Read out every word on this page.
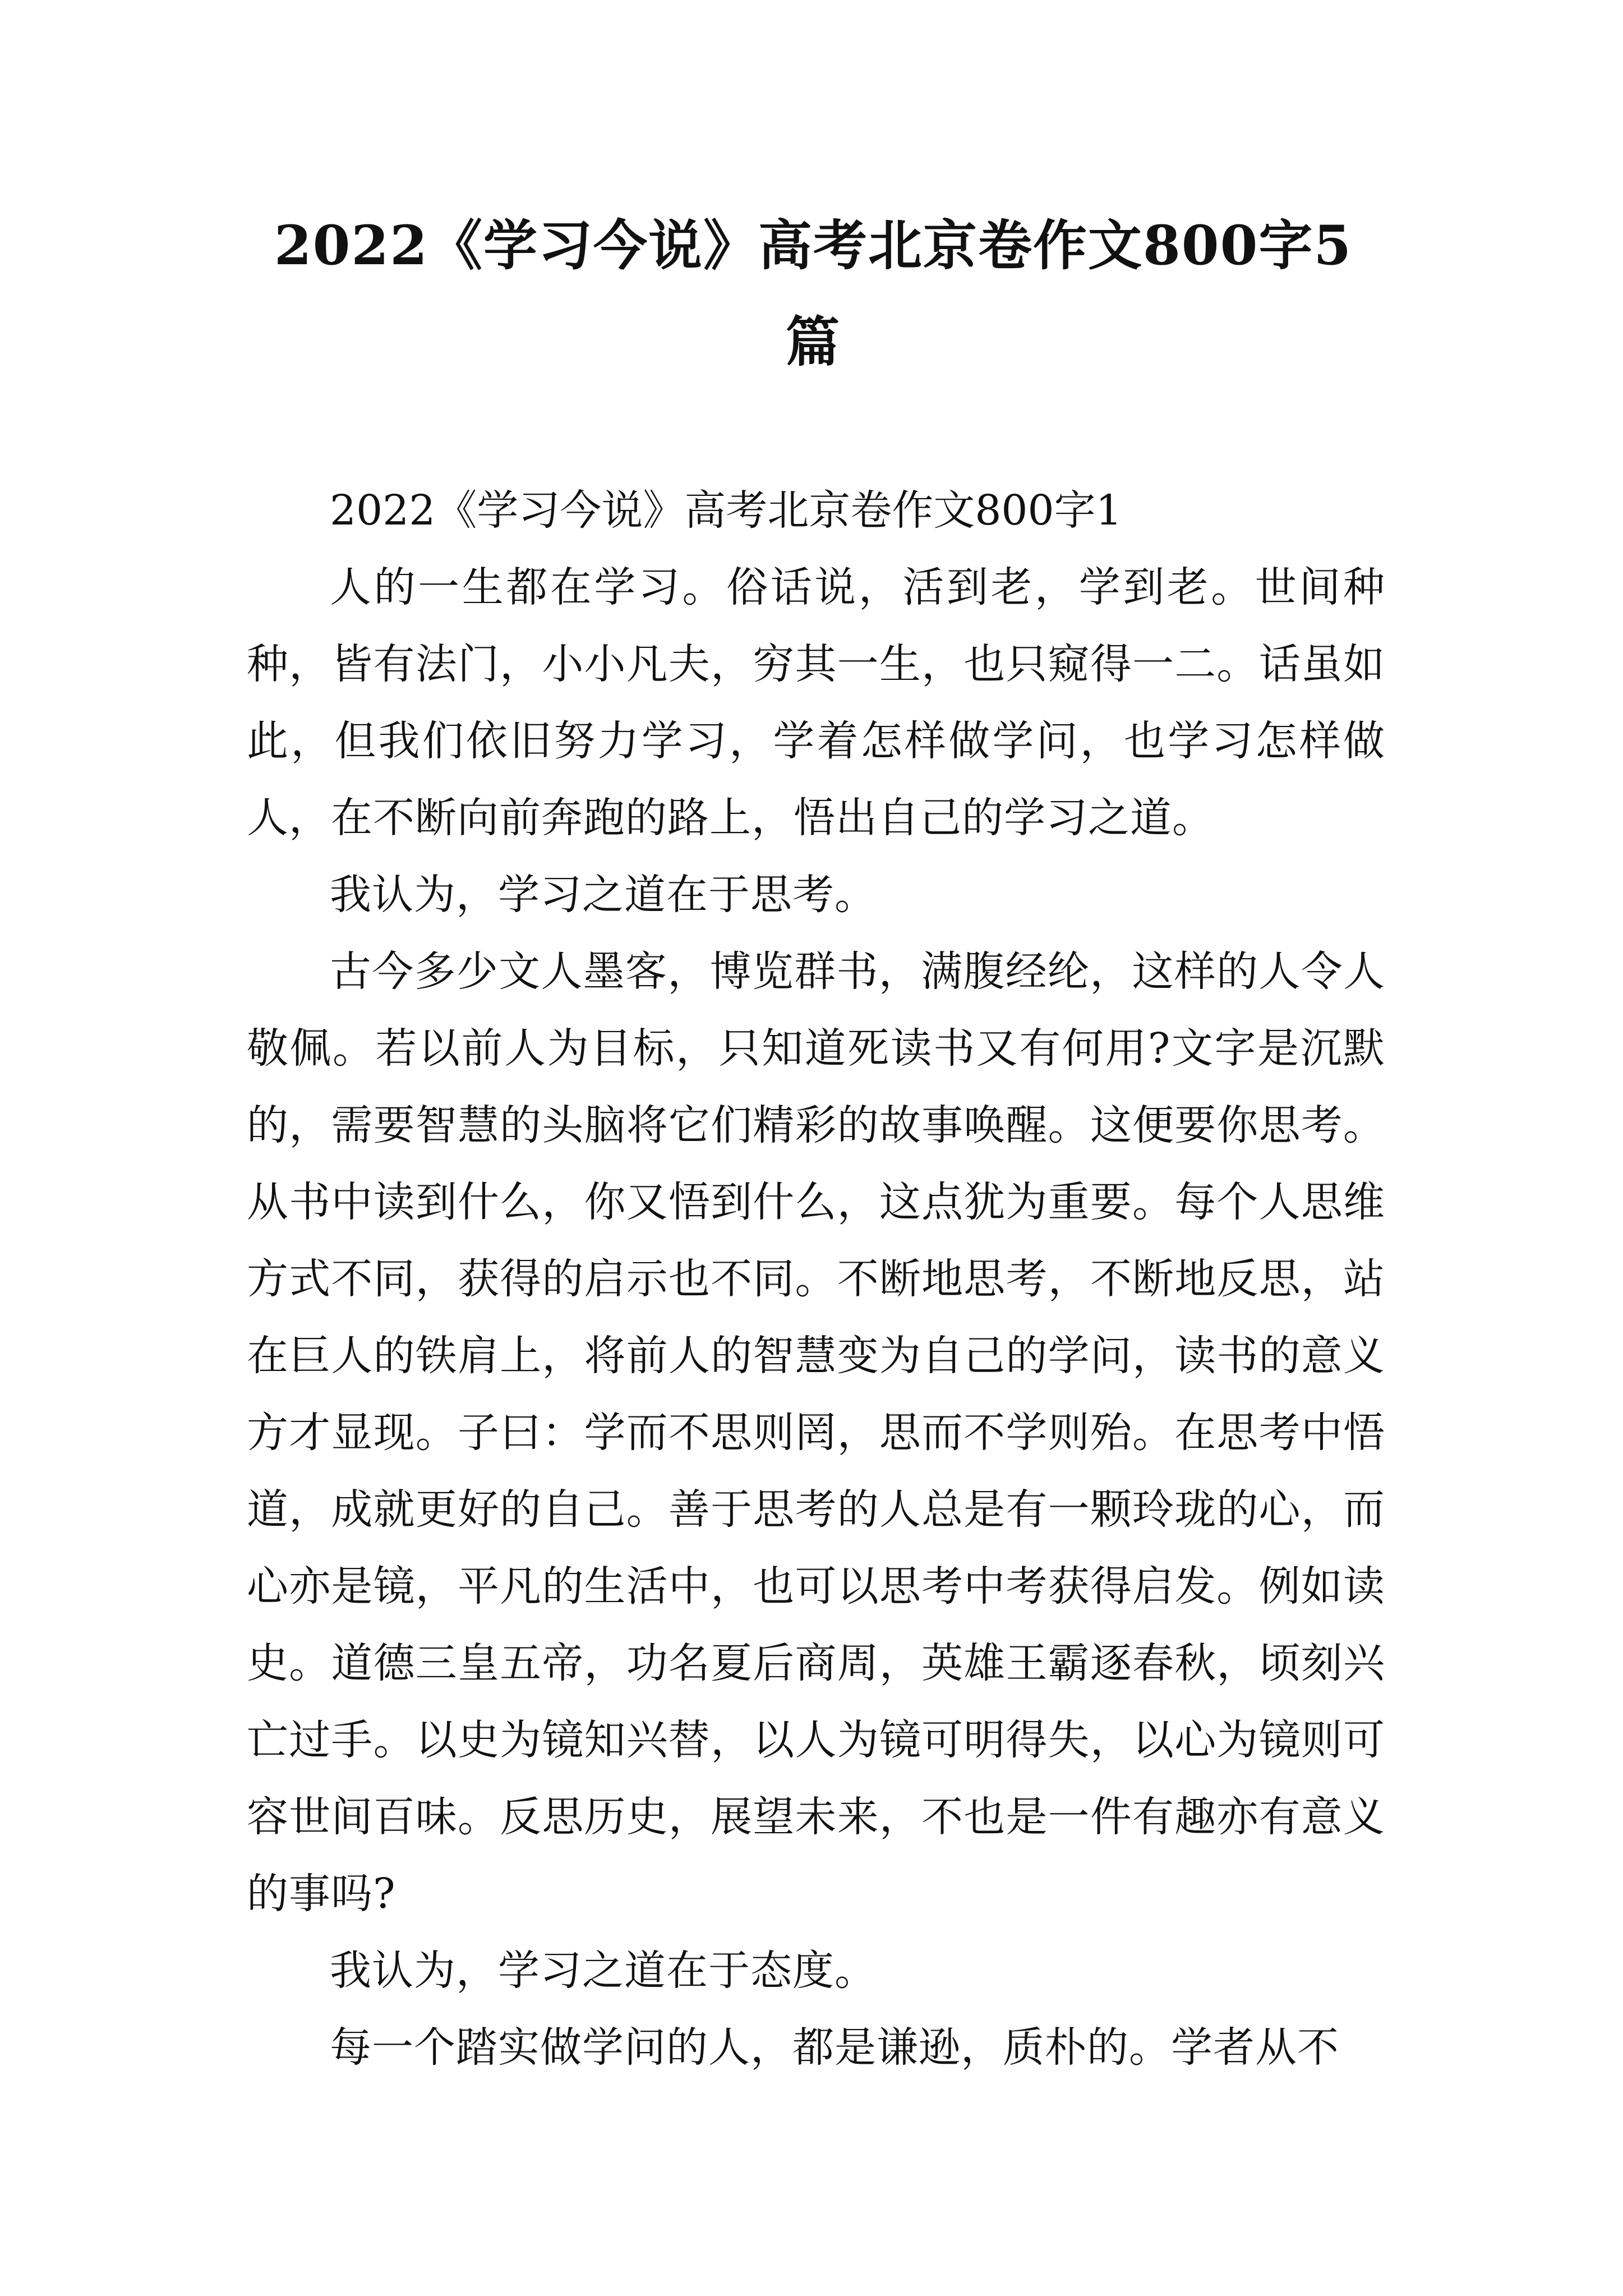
2022《学习今说》高考北京卷作文800字5篇

2022《学习今说》高考北京卷作文800字1

人的一生都在学习。俗话说，活到老，学到老。世间种种，皆有法门，小小凡夫，穷其一生，也只窥得一二。话虽如此，但我们依旧努力学习，学着怎样做学问，也学习怎样做人，在不断向前奔跑的路上，悟出自己的学习之道。

我认为，学习之道在于思考。

古今多少文人墨客，博览群书，满腹经纶，这样的人令人敬佩。若以前人为目标，只知道死读书又有何用?文字是沉默的，需要智慧的头脑将它们精彩的故事唤醒。这便要你思考。从书中读到什么，你又悟到什么，这点犹为重要。每个人思维方式不同，获得的启示也不同。不断地思考，不断地反思，站在巨人的铁肩上，将前人的智慧变为自己的学问，读书的意义方才显现。子曰：学而不思则罔，思而不学则殆。在思考中悟道，成就更好的自己。善于思考的人总是有一颗玲珑的心，而心亦是镜，平凡的生活中，也可以思考中考获得启发。例如读史。道德三皇五帝，功名夏后商周，英雄王霸逐春秋，顷刻兴亡过手。以史为镜知兴替，以人为镜可明得失，以心为镜则可容世间百味。反思历史，展望未来，不也是一件有趣亦有意义的事吗?

我认为，学习之道在于态度。

每一个踏实做学问的人，都是谦逊，质朴的。学者从不
